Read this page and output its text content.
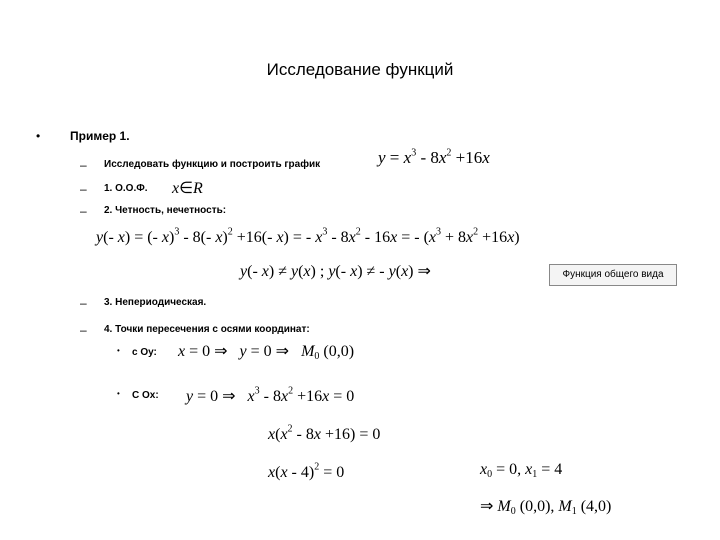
Исследование функций
• Пример 1.
– Исследовать функцию и построить график	$y = x^3 - 8x^2 +16x$
– 1. О.О.Ф. x∈R
– 2. Четность, нечетность:
y(- x) = (- x)$^3$ - 8(- x)$^2$ +16(- x) = - $x^3 - 8x^2 - 16x$ = - $(x^3 + 8x^2 +16x)$
y(- x) ≠ y(x) ; y(- x) ≠ - y(x) ⇒	Функция общего вида
– 3. Непериодическая.
– 4. Точки пересечения с осями координат:
• с Оу: x = 0 ⇒   y = 0 ⇒   $M_0$ (0,0)
• С Ох: y = 0 ⇒   $x^3 - 8x^2 +16x = 0$
$x(x^2 - 8x +16) = 0$
x(x - 4)$^2$ = 0	$x_0 = 0$, $x_1 = 4$
⇒ $M_0$ (0,0), $M_1$ (4,0)
